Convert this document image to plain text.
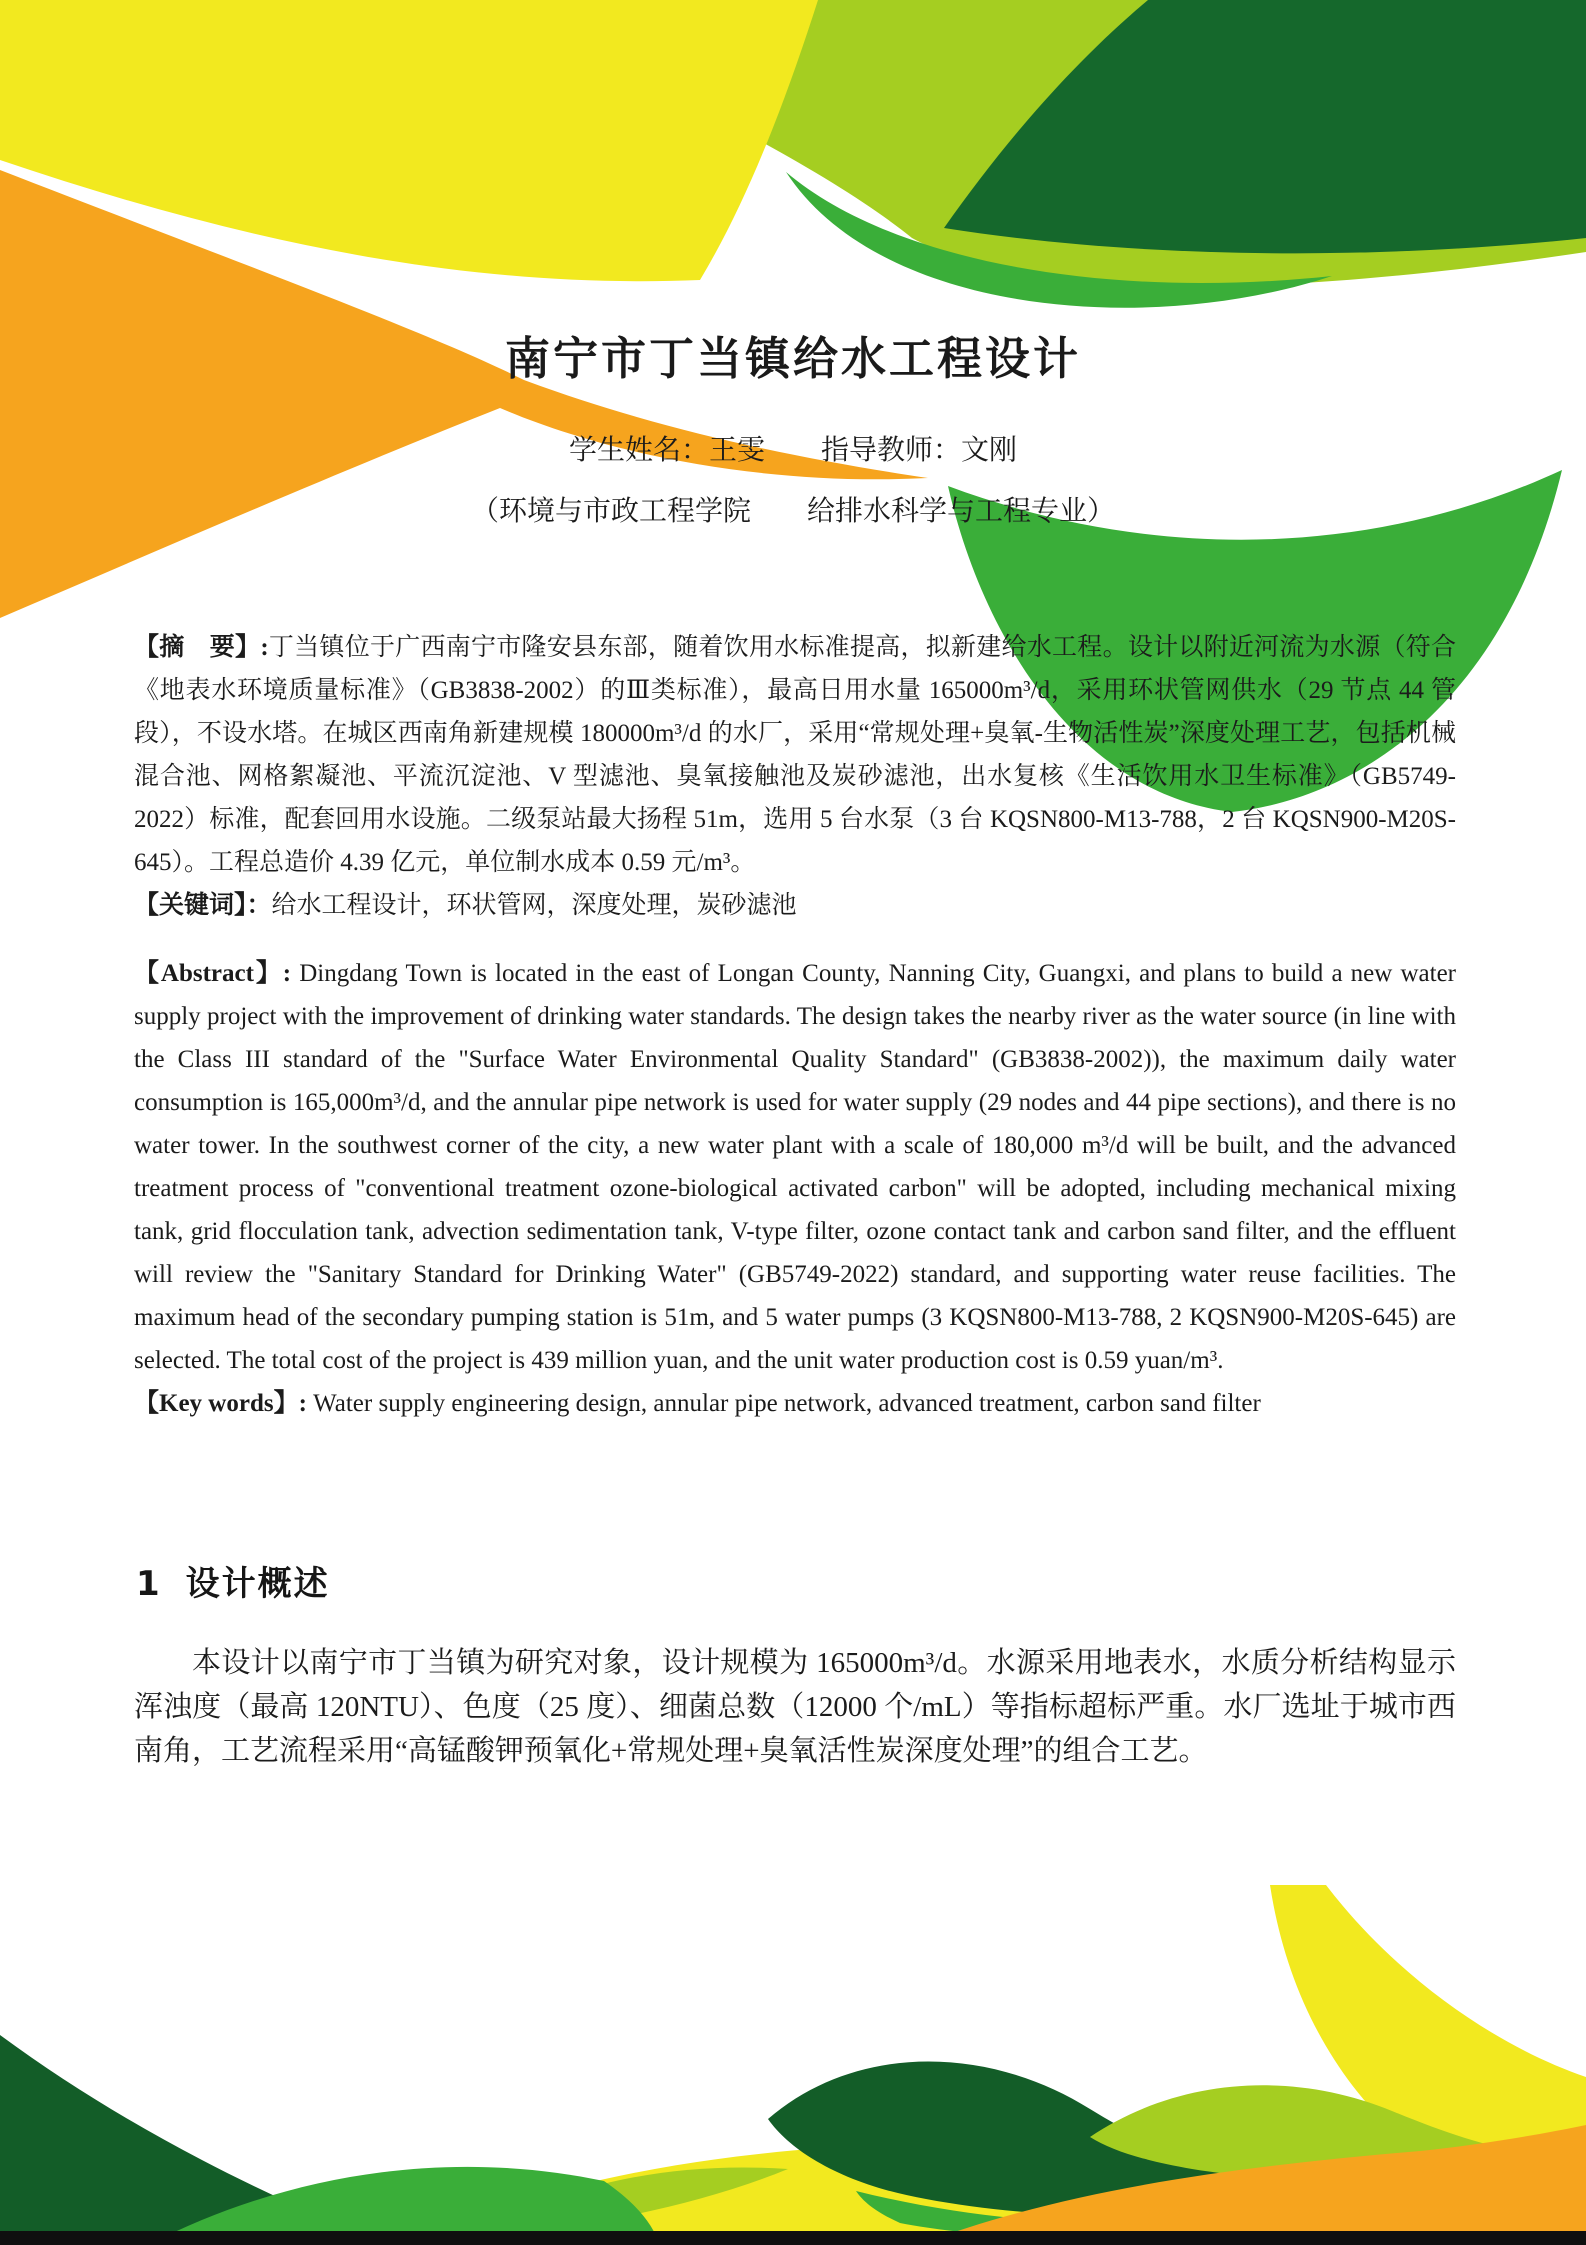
南宁市丁当镇给水工程设计
学生姓名：王雯　　指导教师：文刚
（环境与市政工程学院　　给排水科学与工程专业）

【摘　要】:丁当镇位于广西南宁市隆安县东部，随着饮用水标准提高，拟新建给水工程。设计以附近河流为水源（符合《地表水环境质量标准》（GB3838-2002）的Ⅲ类标准），最高日用水量 165000m³/d，采用环状管网供水（29 节点 44 管段），不设水塔。在城区西南角新建规模 180000m³/d 的水厂，采用“常规处理+臭氧-生物活性炭”深度处理工艺，包括机械混合池、网格絮凝池、平流沉淀池、V 型滤池、臭氧接触池及炭砂滤池，出水复核《生活饮用水卫生标准》（GB5749-2022）标准，配套回用水设施。二级泵站最大扬程 51m，选用 5 台水泵（3 台 KQSN800-M13-788，2 台 KQSN900-M20S-645）。工程总造价 4.39 亿元，单位制水成本 0.59 元/m³。

【关键词】：给水工程设计，环状管网，深度处理，炭砂滤池

【Abstract】: Dingdang Town is located in the east of Longan County, Nanning City, Guangxi, and plans to build a new water supply project with the improvement of drinking water standards. The design takes the nearby river as the water source (in line with the Class III standard of the "Surface Water Environmental Quality Standard" (GB3838-2002)), the maximum daily water consumption is 165,000m³/d, and the annular pipe network is used for water supply (29 nodes and 44 pipe sections), and there is no water tower. In the southwest corner of the city, a new water plant with a scale of 180,000 m³/d will be built, and the advanced treatment process of "conventional treatment ozone-biological activated carbon" will be adopted, including mechanical mixing tank, grid flocculation tank, advection sedimentation tank, V-type filter, ozone contact tank and carbon sand filter, and the effluent will review the "Sanitary Standard for Drinking Water" (GB5749-2022) standard, and supporting water reuse facilities. The maximum head of the secondary pumping station is 51m, and 5 water pumps (3 KQSN800-M13-788, 2 KQSN900-M20S-645) are selected. The total cost of the project is 439 million yuan, and the unit water production cost is 0.59 yuan/m³.

【Key words】: Water supply engineering design, annular pipe network, advanced treatment, carbon sand filter

1 设计概述

本设计以南宁市丁当镇为研究对象，设计规模为 165000m³/d。水源采用地表水，水质分析结构显示浑浊度（最高 120NTU）、色度（25 度）、细菌总数（12000 个/mL）等指标超标严重。水厂选址于城市西南角，工艺流程采用“高锰酸钾预氧化+常规处理+臭氧活性炭深度处理”的组合工艺。
